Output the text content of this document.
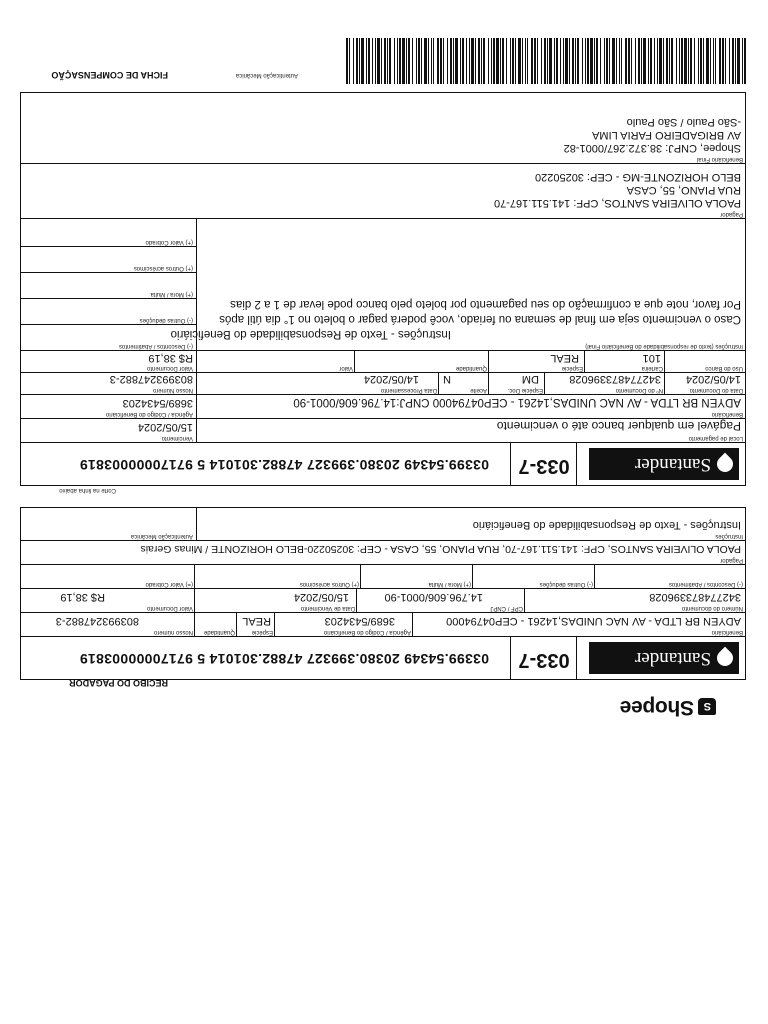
S
Shopee
RECIBO DO PAGADOR
Santander
033-7
03399.54349 20380.399327 47882.301014 5 97170000003819
Beneficiário
ADYEN BR LTDA - AV NAC UNIDAS,14261 - CEP04794000
Agência / Código do Beneficiário
3689/5434203
Espécie
REAL
Quantidade
Nosso número
803993247882-3
Número do documento
342774873396028
CPF / CNPJ
14.796.606/0001-90
Data de Vencimento
15/05/2024
Valor Documento
R$ 38,19
(-) Descontos / Abatimentos
(-) Outras deduções
(+) Mora / Multa
(+) Outros acréscimos
(=) Valor Cobrado
Pagador
PAOLA OLIVEIRA SANTOS, CPF: 141.511.167-70, RUA PIANO, 55, CASA - CEP: 30250220-BELO HORIZONTE / Minas Gerais
Instruções
Instruções - Texto de Responsabilidade do Beneficiário
Autenticação Mecânica
Corte na linha abaixo
Santander
033-7
03399.54349 20380.399327 47882.301014 5 97170000003819
Local de pagamento
Pagável em qualquer banco até o vencimento
Vencimento
15/05/2024
Beneficiário
ADYEN BR LTDA - AV NAC UNIDAS,14261 - CEP04794000 CNPJ:14.796.606/0001-90
Agência / Código do Beneficiário
3689/5434203
Data do Documento
14/05/2024
Nº do Documento
342774873396028
Espécie Doc.
DM
Aceite
N
Data Processamento
14/05/2024
Nosso Número
803993247882-3
Uso do Banco
Carteira
101
Espécie
REAL
Quantidade
Valor
Valor Documento
R$ 38,19
Instruções (texto de responsabilidade do Beneficiário Final)
Instruções - Texto de Responsabilidade do Beneficiário
Caso o vencimento seja em final de semana ou feriado, você poderá pagar o boleto no 1° dia útil após
Por favor, note que a confirmação do seu pagamento por boleto pelo banco pode levar de 1 a 2 dias
(-) Descontos / Abatimentos
(-) Outras deduções
(+) Mora / Multa
(+) Outros acréscimos
(+) Valor Cobrado
Pagador
PAOLA OLIVEIRA SANTOS, CPF: 141.511.167-70
RUA PIANO, 55, CASA
BELO HORIZONTE-MG - CEP: 30250220
Beneficiário Final
Shopee, CNPJ: 38.372.267/0001-82
AV BRIGADEIRO FARIA LIMA
-São Paulo / São Paulo
FICHA DE COMPENSAÇÃO	Autenticação Mecânica
